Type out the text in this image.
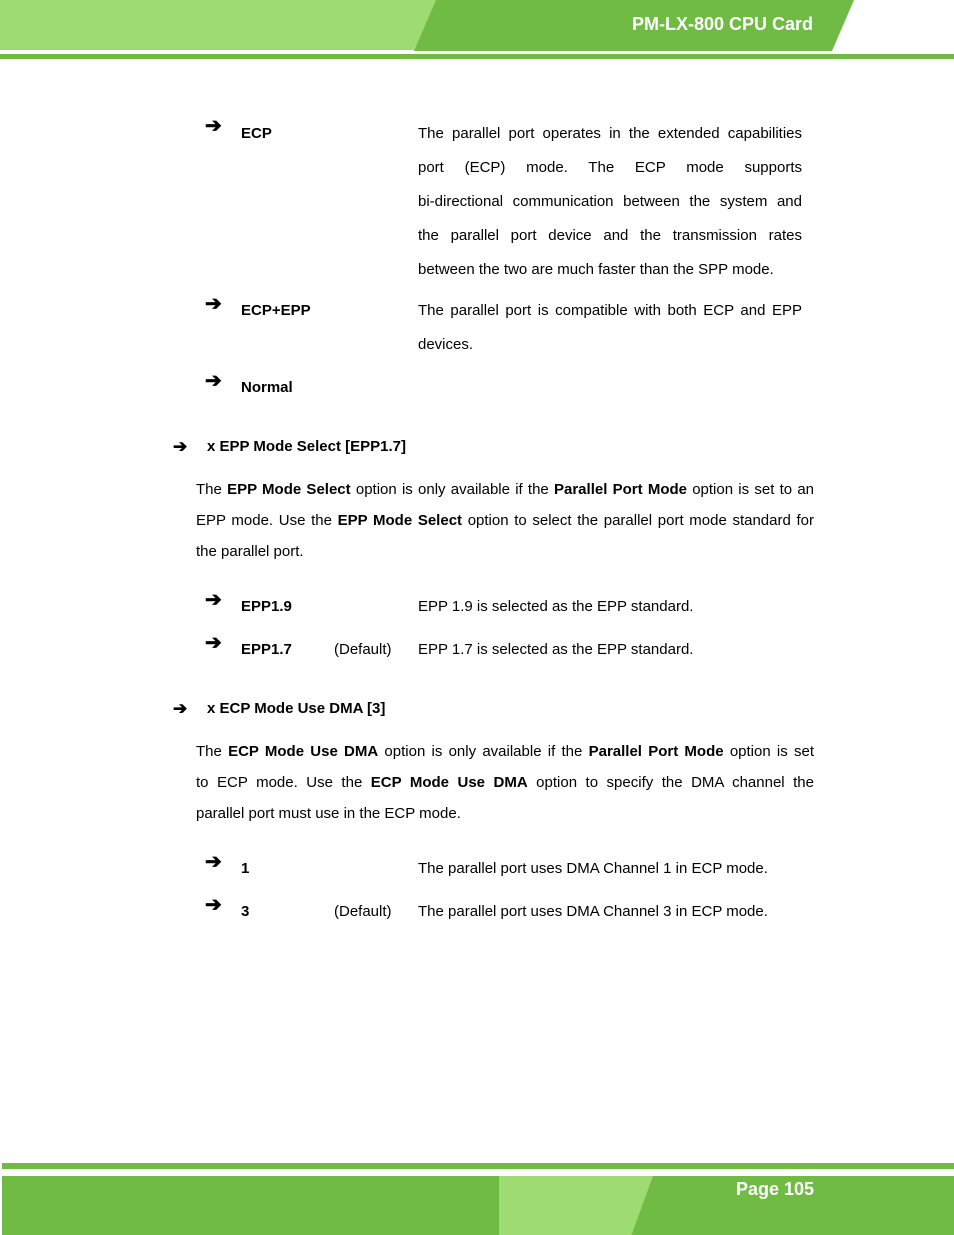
PM-LX-800 CPU Card
➔ ECP	The parallel port operates in the extended capabilities
port (ECP) mode. The ECP mode supports
bi-directional communication between the system and
the parallel port device and the transmission rates
between the two are much faster than the SPP mode.
➔ ECP+EPP	The parallel port is compatible with both ECP and EPP
devices.
➔ Normal
➔ x EPP Mode Select [EPP1.7]
The EPP Mode Select option is only available if the Parallel Port Mode option is set to an
EPP mode. Use the EPP Mode Select option to select the parallel port mode standard for
the parallel port.
➔ EPP1.9	EPP 1.9 is selected as the EPP standard.
➔ EPP1.7	(Default) EPP 1.7 is selected as the EPP standard.
➔ x ECP Mode Use DMA [3]
The ECP Mode Use DMA option is only available if the Parallel Port Mode option is set
to ECP mode. Use the ECP Mode Use DMA option to specify the DMA channel the
parallel port must use in the ECP mode.
➔ 1	The parallel port uses DMA Channel 1 in ECP mode.
➔ 3	(Default) The parallel port uses DMA Channel 3 in ECP mode.
Page 105
